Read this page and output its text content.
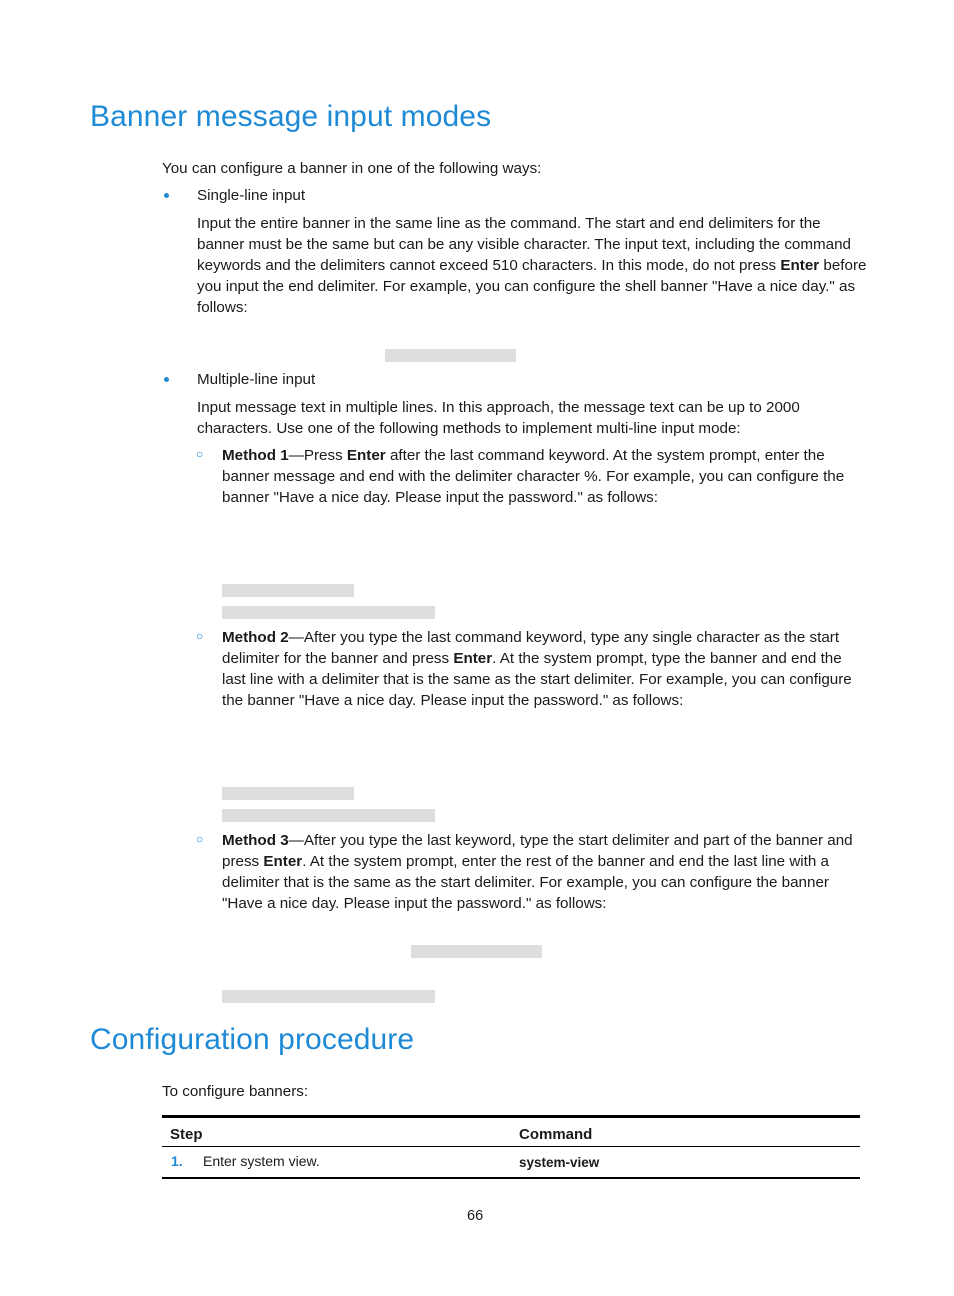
Banner message input modes
You can configure a banner in one of the following ways:
Single-line input
Input the entire banner in the same line as the command. The start and end delimiters for the banner must be the same but can be any visible character. The input text, including the command keywords and the delimiters cannot exceed 510 characters. In this mode, do not press Enter before you input the end delimiter. For example, you can configure the shell banner "Have a nice day." as follows:
Multiple-line input
Input message text in multiple lines. In this approach, the message text can be up to 2000 characters. Use one of the following methods to implement multi-line input mode:
○ Method 1—Press Enter after the last command keyword. At the system prompt, enter the banner message and end with the delimiter character %. For example, you can configure the banner "Have a nice day. Please input the password." as follows:
○ Method 2—After you type the last command keyword, type any single character as the start delimiter for the banner and press Enter. At the system prompt, type the banner and end the last line with a delimiter that is the same as the start delimiter. For example, you can configure the banner "Have a nice day. Please input the password." as follows:
○ Method 3—After you type the last keyword, type the start delimiter and part of the banner and press Enter. At the system prompt, enter the rest of the banner and end the last line with a delimiter that is the same as the start delimiter. For example, you can configure the banner "Have a nice day. Please input the password." as follows:
Configuration procedure
To configure banners:
Step	Command
1. Enter system view.	system-view
66
